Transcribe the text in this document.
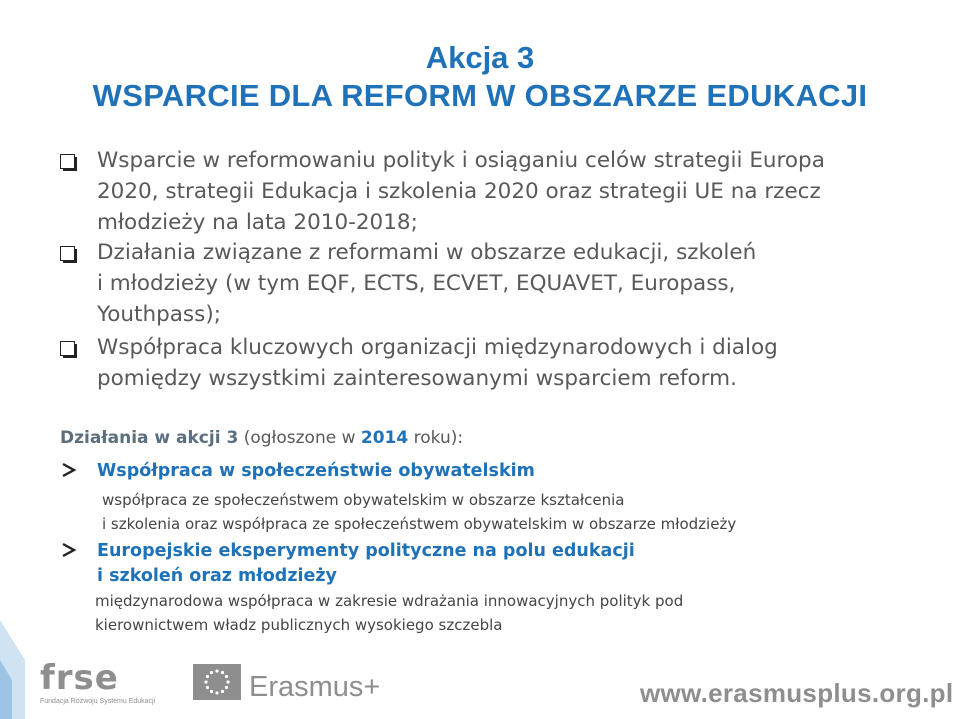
Akcja 3
WSPARCIE DLA REFORM W OBSZARZE EDUKACJI
Wsparcie w reformowaniu polityk i osiąganiu celów strategii Europa
2020, strategii Edukacja i szkolenia 2020 oraz strategii UE na rzecz
młodzieży na lata 2010-2018;
Działania związane z reformami w obszarze edukacji, szkoleń
i młodzieży (w tym EQF, ECTS, ECVET, EQUAVET, Europass,
Youthpass);
Współpraca kluczowych organizacji międzynarodowych i dialog
pomiędzy wszystkimi zainteresowanymi wsparciem reform.
Działania w akcji 3 (ogłoszone w 2014 roku):
Współpraca w społeczeństwie obywatelskim
współpraca ze społeczeństwem obywatelskim w obszarze kształcenia
i szkolenia oraz współpraca ze społeczeństwem obywatelskim w obszarze młodzieży
Europejskie eksperymenty polityczne na polu edukacji
i szkoleń oraz młodzieży
międzynarodowa współpraca w zakresie wdrażania innowacyjnych polityk pod
kierownictwem władz publicznych wysokiego szczebla
frse
Fundacja Rozwoju Systemu Edukacji	Erasmus+	www.erasmusplus.org.pl
